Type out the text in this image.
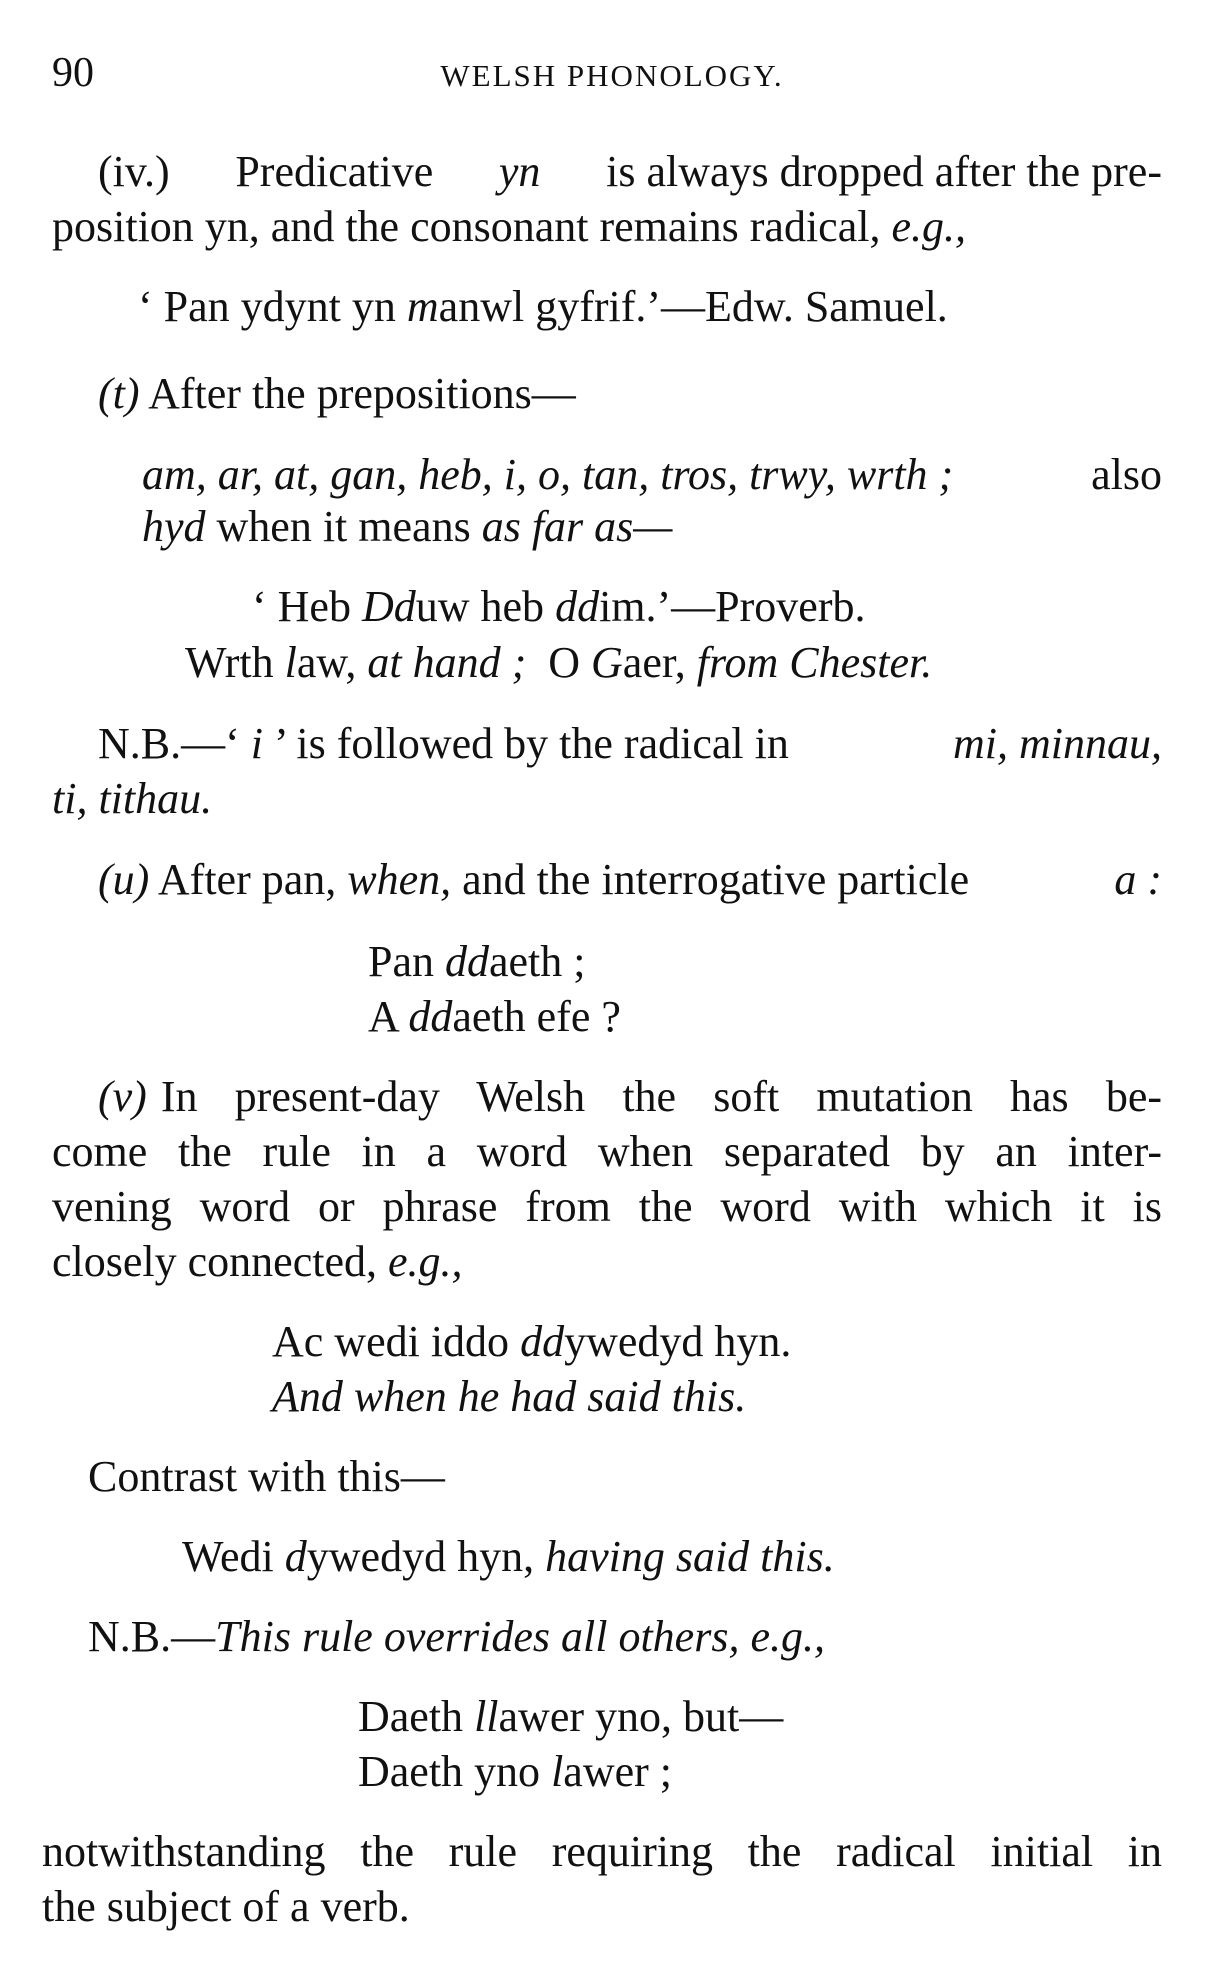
90	WELSH PHONOLOGY.
(iv.) Predicative yn is always dropped after the pre-
position yn, and the consonant remains radical, e.g.,
‘ Pan ydynt yn manwl gyfrif.’—Edw. Samuel.
(t) After the prepositions—
am, ar, at, gan, heb, i, o, tan, tros, trwy, wrth ;	also
hyd when it means as far as—
‘ Heb Dduw heb ddim.’—Proverb.
Wrth law, at hand ; O Gaer, from Chester.
N.B.—‘ i ’ is followed by the radical in	mi, minnau,
ti, tithau.
(u) After pan, when, and the interrogative particle	a :
Pan ddaeth ;
A ddaeth efe ?
(v) In present-day Welsh the soft mutation has be-
come the rule in a word when separated by an inter-
vening word or phrase from the word with which it is
closely connected, e.g.,
Ac wedi iddo ddywedyd hyn.
And when he had said this.
Contrast with this—
Wedi dywedyd hyn, having said this.
N.B.—This rule overrides all others, e.g.,
Daeth llawer yno, but—
Daeth yno lawer ;
notwithstanding the rule requiring the radical initial in
the subject of a verb.
